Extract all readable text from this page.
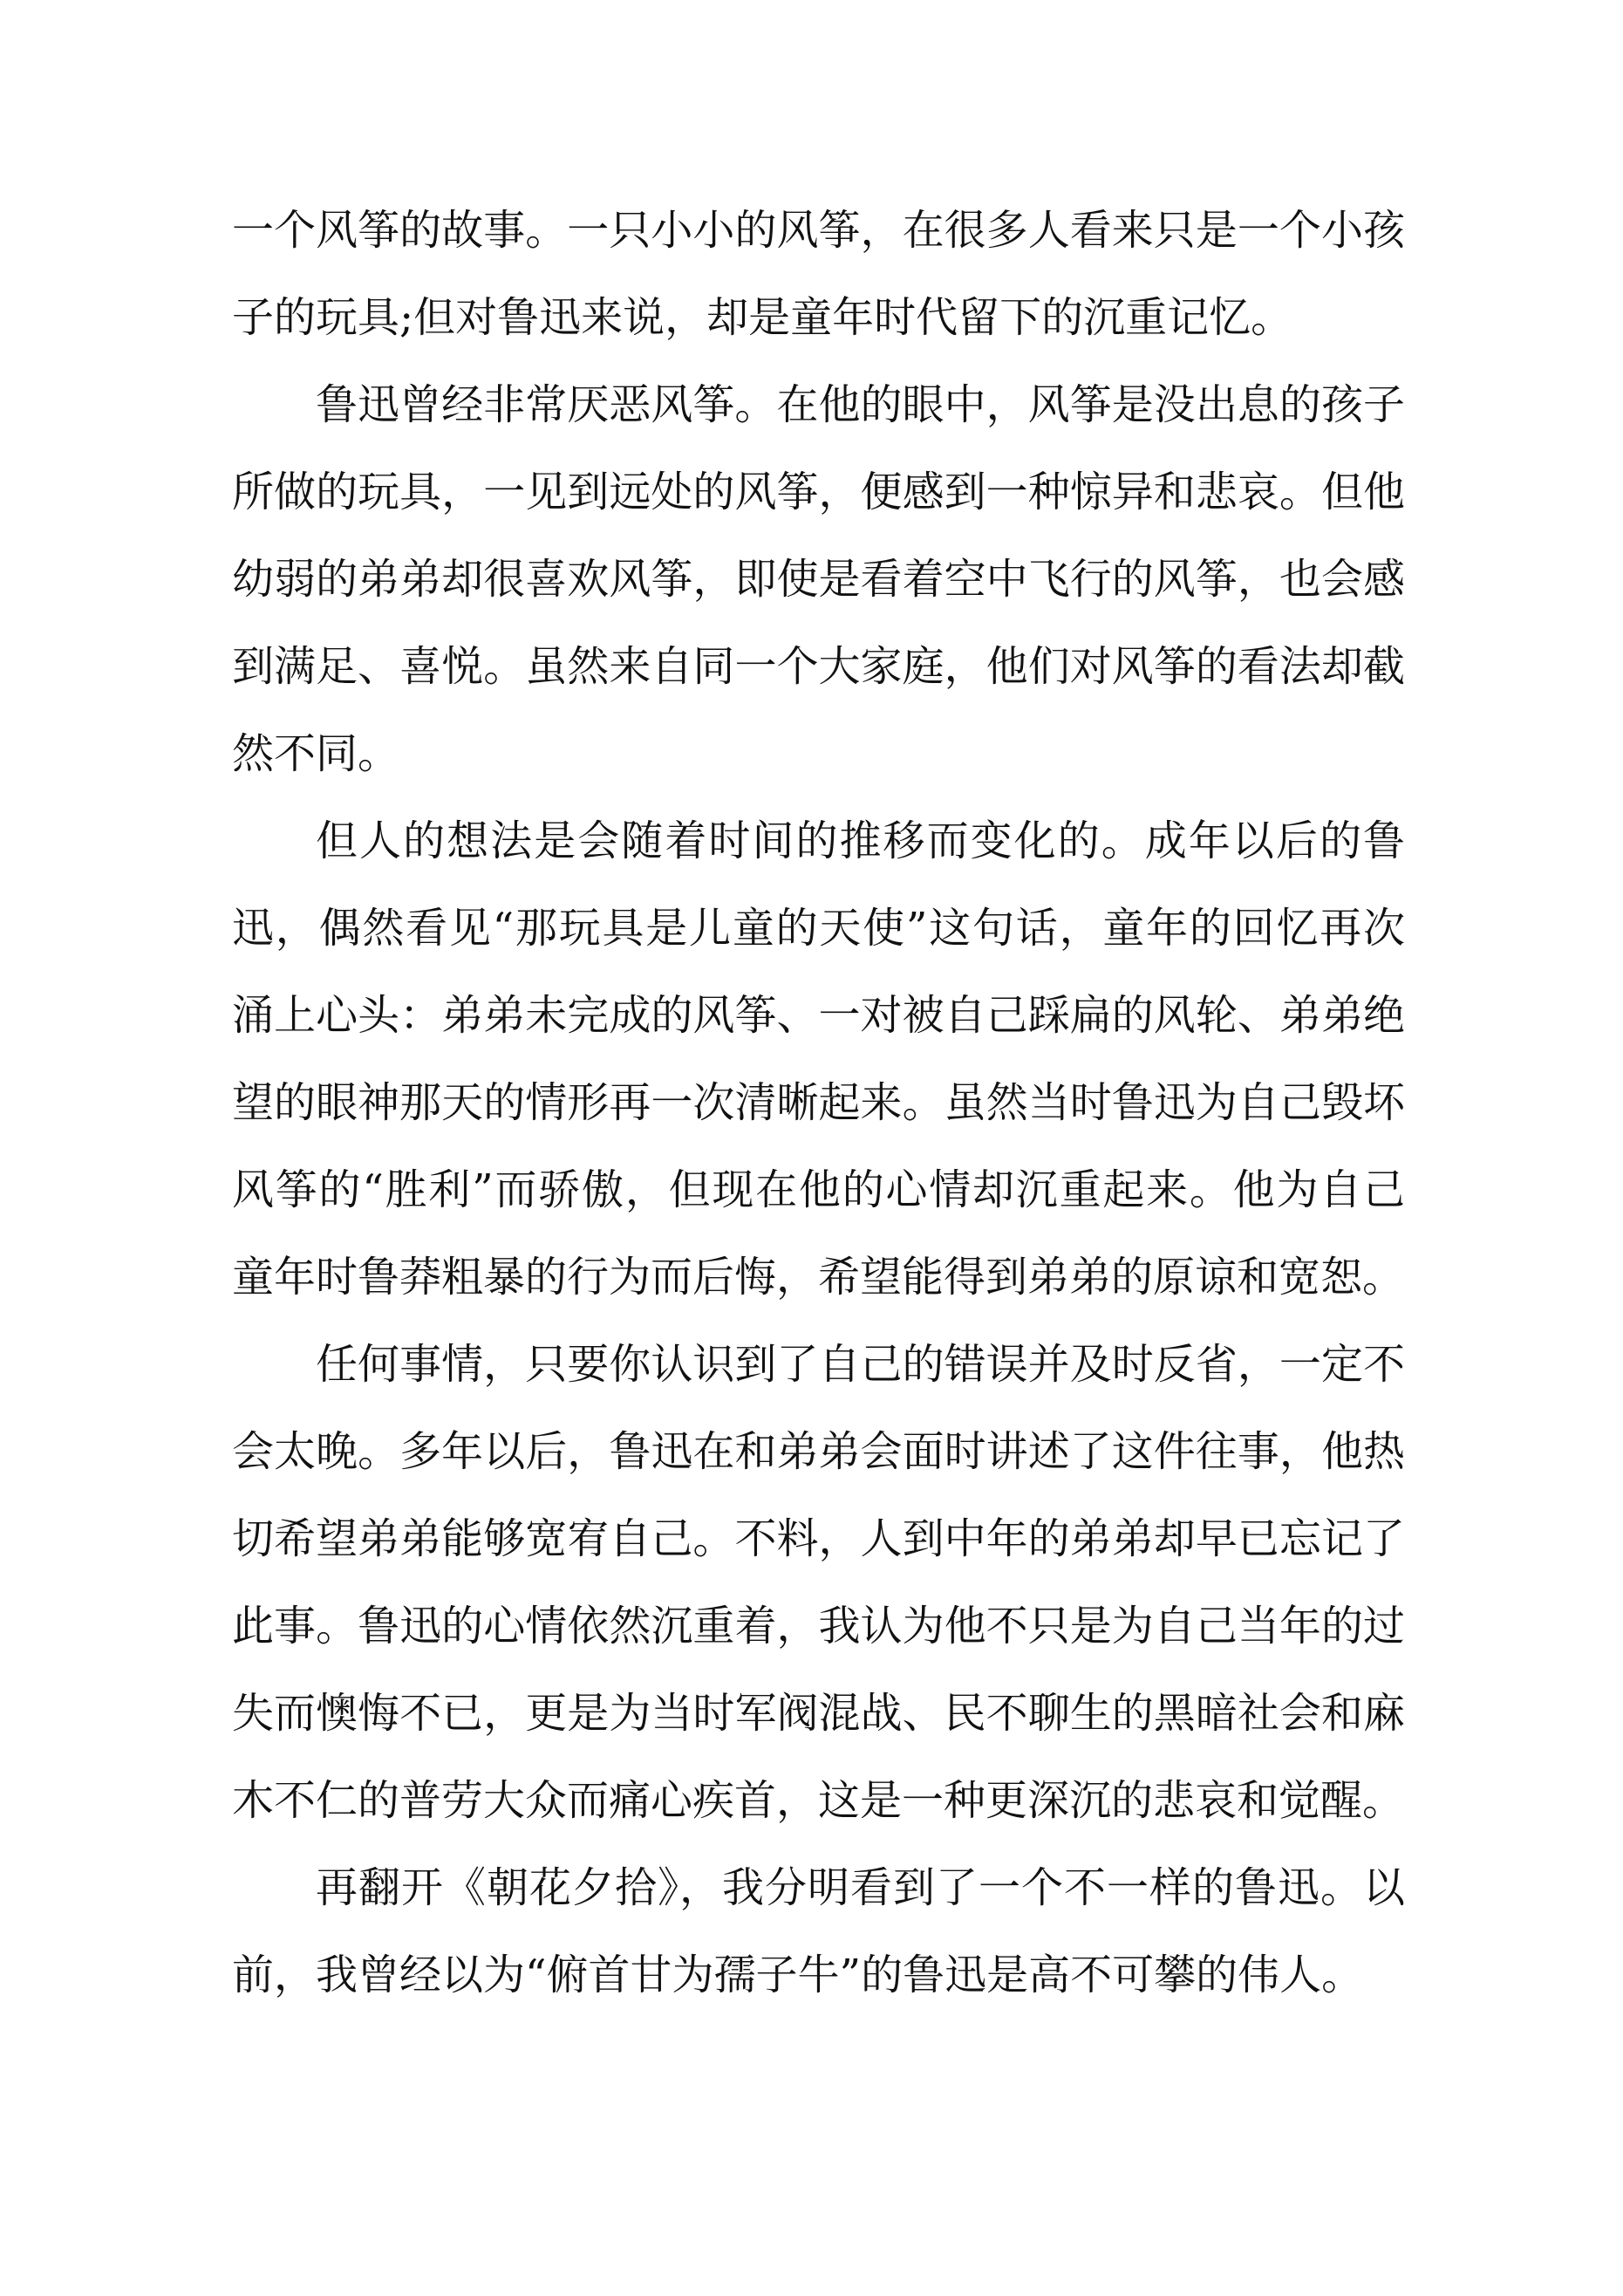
一个风筝的故事。一只小小的风筝，在很多人看来只是一个小孩子的玩具;但对鲁迅来说，却是童年时代留下的沉重记忆。

鲁迅曾经非常厌恶风筝。在他的眼中，风筝是没出息的孩子所做的玩具，一见到远处的风筝，便感到一种惊异和悲哀。但他幼弱的弟弟却很喜欢风筝，即使是看着空中飞行的风筝，也会感到满足、喜悦。虽然来自同一个大家庭，他们对风筝的看法却截然不同。

但人的想法是会随着时间的推移而变化的。成年以后的鲁迅，偶然看见“那玩具是儿童的天使”这句话，童年的回忆再次涌上心头：弟弟未完成的风筝、一对被自己踩扁的风轮、弟弟绝望的眼神那天的情形再一次清晰起来。虽然当时鲁迅为自己毁坏风筝的“胜利”而骄傲，但现在他的心情却沉重起来。他为自己童年时鲁莽粗暴的行为而后悔，希望能得到弟弟的原谅和宽恕。

任何事情，只要你认识到了自己的错误并及时反省，一定不会太晚。多年以后，鲁迅在和弟弟会面时讲述了这件往事，他热切希望弟弟能够宽宥自己。不料，人到中年的弟弟却早已忘记了此事。鲁迅的心情依然沉重着，我认为他不只是为自己当年的过失而懊悔不已，更是为当时军阀混战、民不聊生的黑暗社会和麻木不仁的普劳大众而痛心疾首，这是一种更深沉的悲哀和觉醒。

再翻开《朝花夕拾》，我分明看到了一个不一样的鲁迅。以前，我曾经以为“俯首甘为孺子牛”的鲁迅是高不可攀的伟人。
